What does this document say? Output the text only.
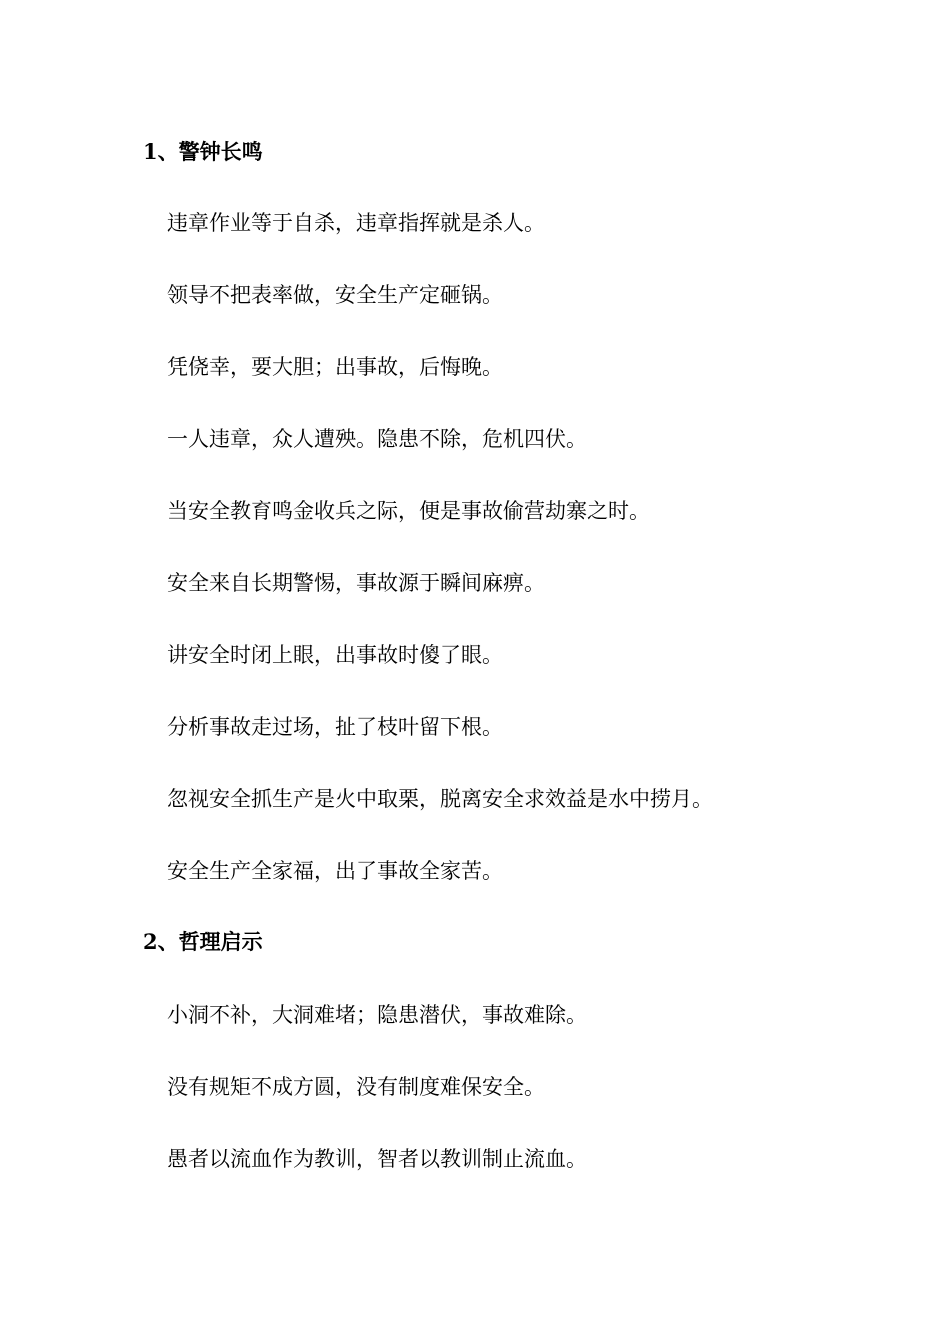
1、警钟长鸣

违章作业等于自杀，违章指挥就是杀人。

领导不把表率做，安全生产定砸锅。

凭侥幸，要大胆；出事故，后悔晚。

一人违章，众人遭殃。隐患不除，危机四伏。

当安全教育鸣金收兵之际，便是事故偷营劫寨之时。

安全来自长期警惕，事故源于瞬间麻痹。

讲安全时闭上眼，出事故时傻了眼。

分析事故走过场，扯了枝叶留下根。

忽视安全抓生产是火中取栗，脱离安全求效益是水中捞月。

安全生产全家福，出了事故全家苦。

2、哲理启示

小洞不补，大洞难堵；隐患潜伏，事故难除。

没有规矩不成方圆，没有制度难保安全。

愚者以流血作为教训，智者以教训制止流血。
